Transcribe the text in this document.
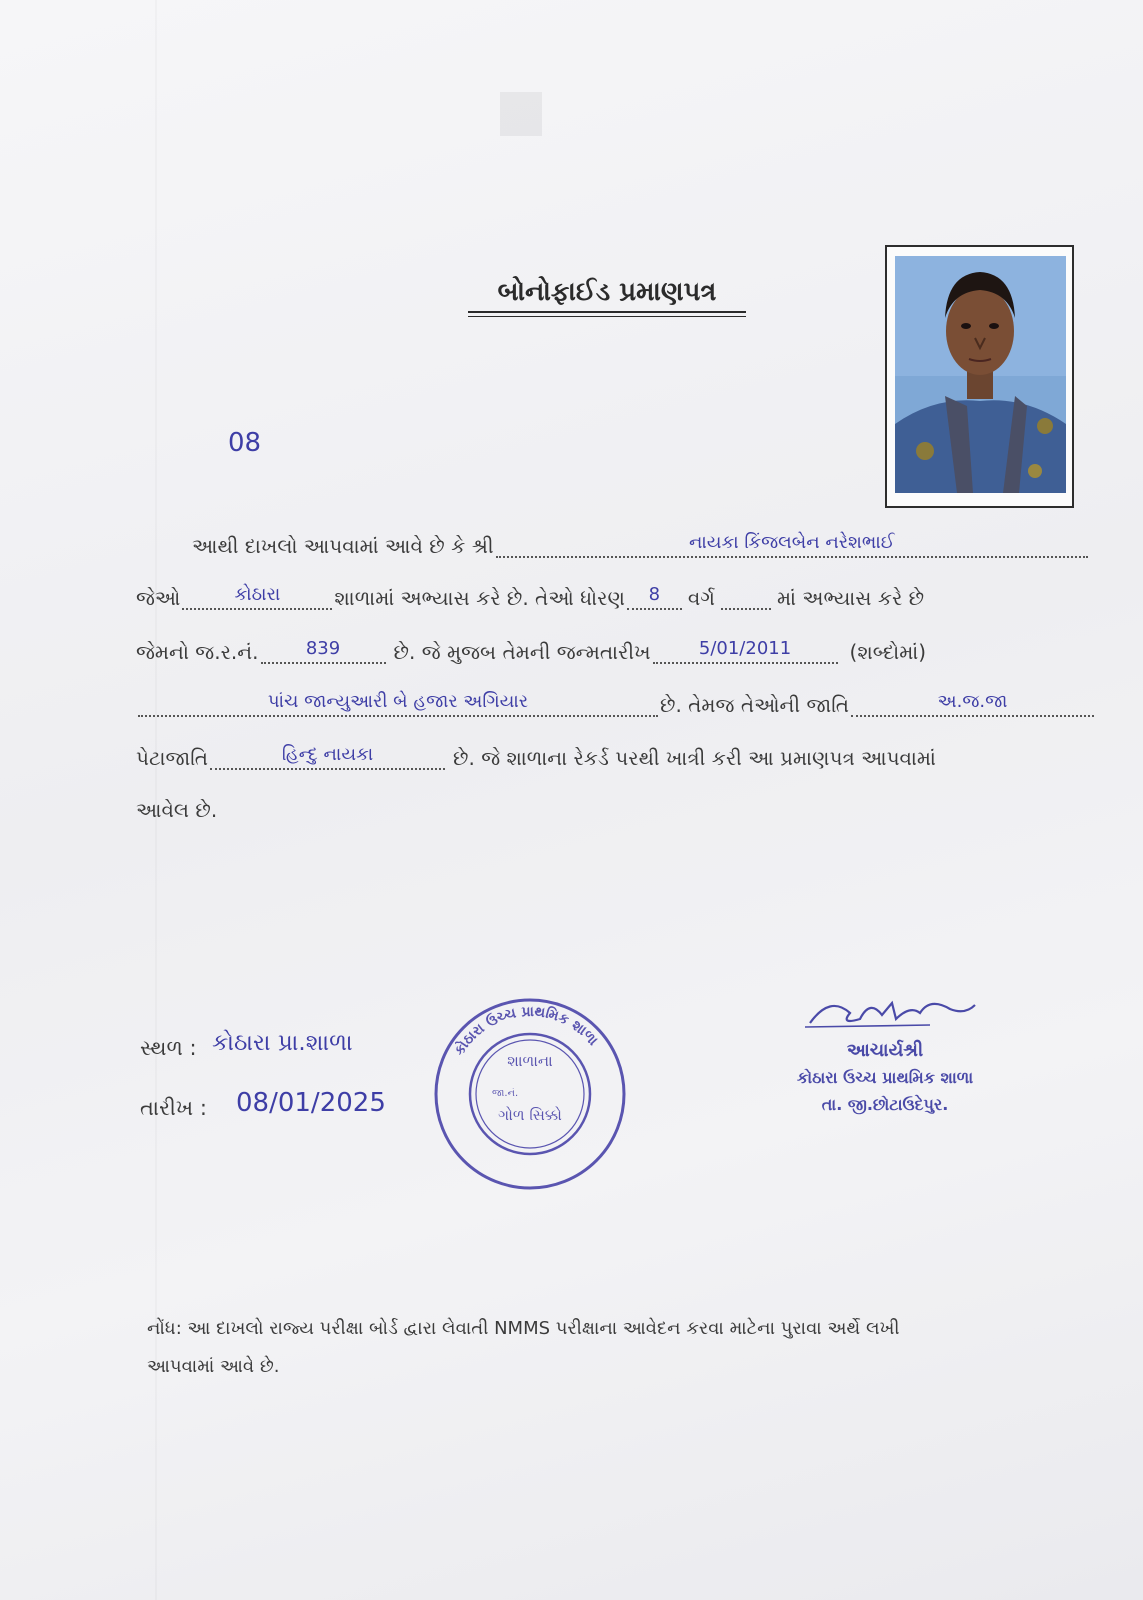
બોનોફાઈડ પ્રમાણપત્ર
08
આથી દાખલો આપવામાં આવે છે કે શ્રી	નાયકા કિંજલબેન નરેશભાઈ
જેઓ	કોઠારા	શાળામાં અભ્યાસ કરે છે. તેઓ ધોરણ	8	વર્ગ	માં અભ્યાસ કરે છે
જેમનો જ.ર.નં.	839	છે. જે મુજબ તેમની જન્મતારીખ	5/01/2011	(શબ્દોમાં)
પાંચ જાન્યુઆરી બે હજાર અગિયાર	છે. તેમજ તેઓની જાતિ	અ.જ.જા
પેટાજાતિ	હિન્દુ નાયકા	છે. જે શાળાના રેકર્ડ પરથી ખાત્રી કરી આ પ્રમાણપત્ર આપવામાં
આવેલ છે.
સ્થળ : કોઠારા પ્રા.શાળા
તારીખ : 08/01/2025
કોઠારા ઉચ્ચ પ્રાથમિક શાળા
શાળાના
જા.નં.
ગોળ સિક્કો
આચાર્યશ્રી
કોઠારા ઉચ્ચ પ્રાથમિક શાળા
તા. જી.છોટાઉદેપુર.
નોંધ: આ દાખલો રાજ્ય પરીક્ષા બોર્ડ દ્વારા લેવાતી NMMS પરીક્ષાના આવેદન કરવા માટેના પુરાવા અર્થે લખી
આપવામાં આવે છે.
